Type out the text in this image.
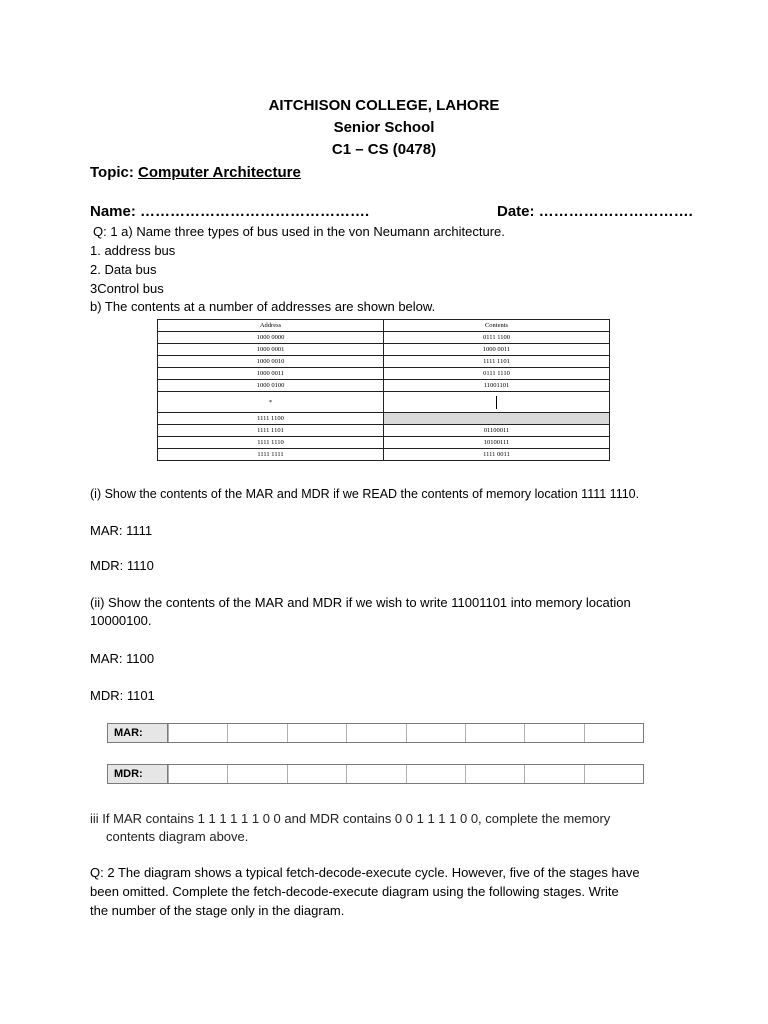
AITCHISON COLLEGE, LAHORE
Senior School
C1 – CS (0478)
Topic: Computer Architecture
Name: ……………………………………….	Date: ………………………….
Q: 1 a) Name three types of bus used in the von Neumann architecture.
1. address bus
2. Data bus
3Control bus
b) The contents at a number of addresses are shown below.
Address	Contents
1000 0000	0111 1100
1000 0001	1000 0011
1000 0010	1111 1101
1000 0011	0111 1110
1000 0100	11001101
*	
1111 1100	
1111 1101	01100011
1111 1110	10100111
1111 1111	1111 0011
(i) Show the contents of the MAR and MDR if we READ the contents of memory location 1111 1110.
MAR: 1111
MDR: 1110
(ii) Show the contents of the MAR and MDR if we wish to write 11001101 into memory location
10000100.
MAR: 1100
MDR: 1101
MAR:
MDR:
iii If MAR contains 1 1 1 1 1 1 0 0 and MDR contains 0 0 1 1 1 1 0 0, complete the memory
contents diagram above.
Q: 2 The diagram shows a typical fetch-decode-execute cycle. However, five of the stages have
been omitted. Complete the fetch-decode-execute diagram using the following stages. Write
the number of the stage only in the diagram.
